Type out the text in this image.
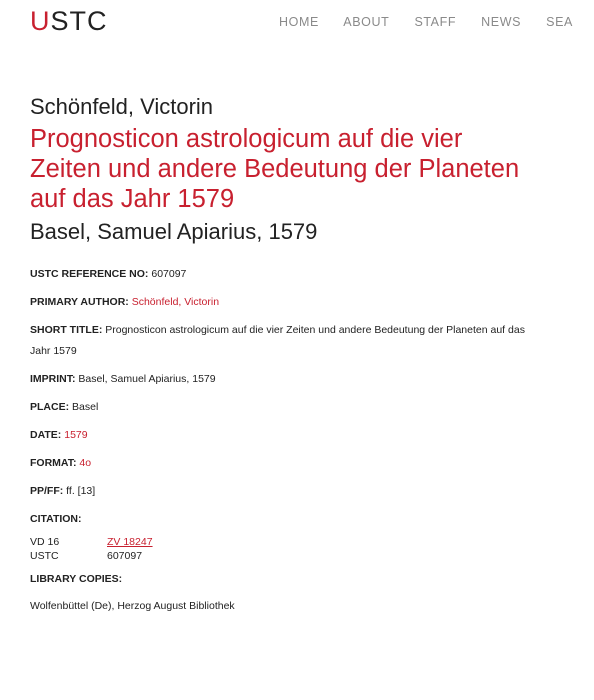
USTC	HOME ABOUT STAFF NEWS SEA
Schönfeld, Victorin
Prognosticon astrologicum auf die vier Zeiten und andere Bedeutung der Planeten auf das Jahr 1579
Basel, Samuel Apiarius, 1579
USTC REFERENCE NO: 607097
PRIMARY AUTHOR: Schönfeld, Victorin
SHORT TITLE: Prognosticon astrologicum auf die vier Zeiten und andere Bedeutung der Planeten auf das Jahr 1579
IMPRINT: Basel, Samuel Apiarius, 1579
PLACE: Basel
DATE: 1579
FORMAT: 4o
PP/FF: ff. [13]
CITATION:
VD 16	ZV 18247
USTC	607097
LIBRARY COPIES:
Wolfenbüttel (De), Herzog August Bibliothek
